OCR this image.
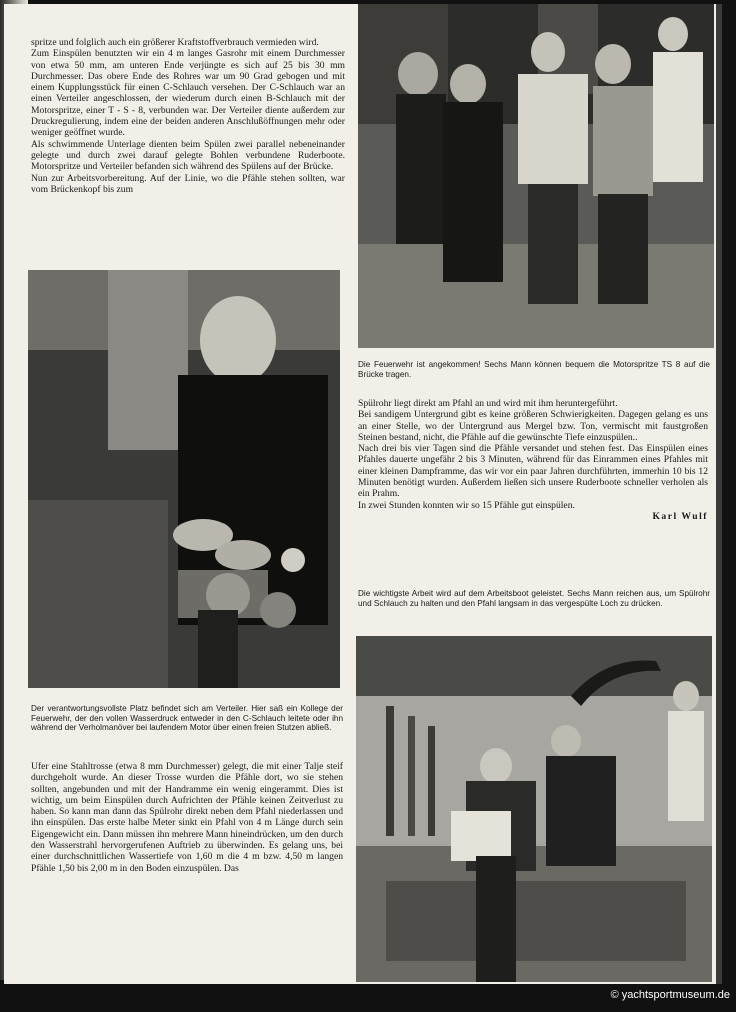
spritze und folglich auch ein größerer Kraftstoffverbrauch vermieden wird.

Zum Einspülen benutzten wir ein 4 m langes Gasrohr mit einem Durchmesser von etwa 50 mm, am unteren Ende verjüngte es sich auf 25 bis 30 mm Durchmesser. Das obere Ende des Rohres war um 90 Grad gebogen und mit einem Kupplungsstück für einen C-Schlauch versehen. Der C-Schlauch war an einen Verteiler angeschlossen, der wiederum durch einen B-Schlauch mit der Motorspritze, einer T - S - 8, verbunden war. Der Verteiler diente außerdem zur Druckregulierung, indem eine der beiden anderen Anschlußöffnungen mehr oder weniger geöffnet wurde.

Als schwimmende Unterlage dienten beim Spülen zwei parallel nebeneinander gelegte und durch zwei darauf gelegte Bohlen verbundene Ruderboote. Motorspritze und Verteiler befanden sich während des Spülens auf der Brücke.

Nun zur Arbeitsvorbereitung. Auf der Linie, wo die Pfähle stehen sollten, war vom Brückenkopf bis zum

Die Feuerwehr ist angekommen! Sechs Mann können bequem die Motorspritze TS 8 auf die Brücke tragen.
Der verantwortungsvollste Platz befindet sich am Verteiler. Hier saß ein Kollege der Feuerwehr, der den vollen Wasserdruck entweder in den C-Schlauch leitete oder ihn während der Verholmanöver bei laufendem Motor über einen freien Stutzen abließ.

Ufer eine Stahltrosse (etwa 8 mm Durchmesser) gelegt, die mit einer Talje steif durchgeholt wurde. An dieser Trosse wurden die Pfähle dort, wo sie stehen sollten, angebunden und mit der Handramme ein wenig eingerammt. Dies ist wichtig, um beim Einspülen durch Aufrichten der Pfähle keinen Zeitverlust zu haben. So kann man dann das Spülrohr direkt neben dem Pfahl niederlassen und ihn einspülen. Das erste halbe Meter sinkt ein Pfahl von 4 m Länge durch sein Eigengewicht ein. Dann müssen ihn mehrere Mann hineindrücken, um den durch den Wasserstrahl hervorgerufenen Auftrieb zu überwinden. Es gelang uns, bei einer durchschnittlichen Wassertiefe von 1,60 m die 4 m bzw. 4,50 m langen Pfähle 1,50 bis 2,00 m in den Boden einzuspülen. Das

Spülrohr liegt direkt am Pfahl an und wird mit ihm heruntergeführt.

Bei sandigem Untergrund gibt es keine größeren Schwierigkeiten. Dagegen gelang es uns an einer Stelle, wo der Untergrund aus Mergel bzw. Ton, vermischt mit faustgroßen Steinen bestand, nicht, die Pfähle auf die gewünschte Tiefe einzuspülen..

Nach drei bis vier Tagen sind die Pfähle versandet und stehen fest. Das Einspülen eines Pfahles dauerte ungefähr 2 bis 3 Minuten, während für das Einrammen eines Pfahles mit einer kleinen Dampframme, das wir vor ein paar Jahren durchführten, immerhin 10 bis 12 Minuten benötigt wurden. Außerdem ließen sich unsere Ruderboote schneller verholen als ein Prahm.

In zwei Stunden konnten wir so 15 Pfähle gut einspülen.

Karl Wulf

Die wichtigste Arbeit wird auf dem Arbeitsboot geleistet. Sechs Mann reichen aus, um Spülrohr und Schlauch zu halten und den Pfahl langsam in das vergespülte Loch zu drücken.
© yachtsportmuseum.de
